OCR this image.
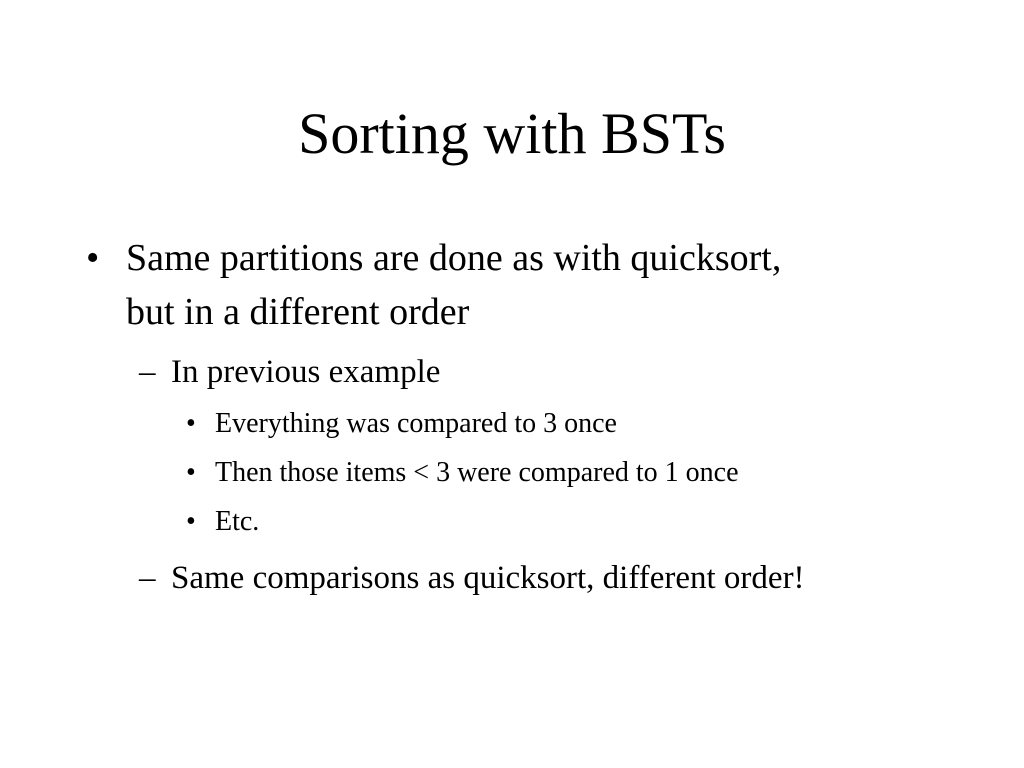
Sorting with BSTs
• Same partitions are done as with quicksort,
but in a different order
– In previous example
• Everything was compared to 3 once
• Then those items < 3 were compared to 1 once
• Etc.
– Same comparisons as quicksort, different order!
